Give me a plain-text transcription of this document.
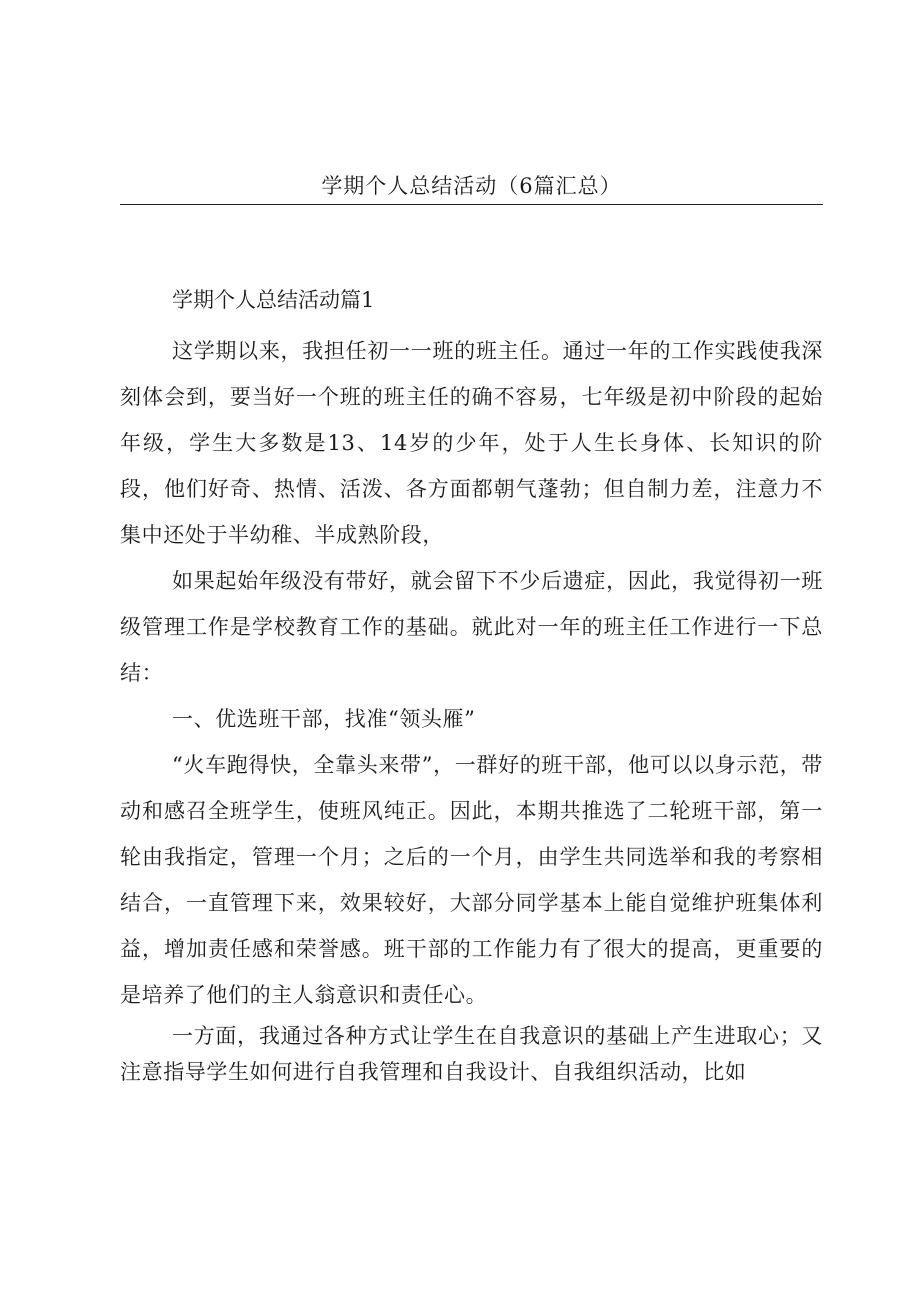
学期个人总结活动（6篇汇总）
学期个人总结活动篇1

这学期以来，我担任初一一班的班主任。通过一年的工作实践使我深刻体会到，要当好一个班的班主任的确不容易，七年级是初中阶段的起始年级，学生大多数是13、14岁的少年，处于人生长身体、长知识的阶段，他们好奇、热情、活泼、各方面都朝气蓬勃；但自制力差，注意力不集中还处于半幼稚、半成熟阶段，

如果起始年级没有带好，就会留下不少后遗症，因此，我觉得初一班级管理工作是学校教育工作的基础。就此对一年的班主任工作进行一下总结：

一、优选班干部，找准“领头雁”

“火车跑得快，全靠头来带”，一群好的班干部，他可以以身示范，带动和感召全班学生，使班风纯正。因此，本期共推选了二轮班干部，第一轮由我指定，管理一个月；之后的一个月，由学生共同选举和我的考察相结合，一直管理下来，效果较好，大部分同学基本上能自觉维护班集体利益，增加责任感和荣誉感。班干部的工作能力有了很大的提高，更重要的是培养了他们的主人翁意识和责任心。

一方面，我通过各种方式让学生在自我意识的基础上产生进取心；又注意指导学生如何进行自我管理和自我设计、自我组织活动，比如
